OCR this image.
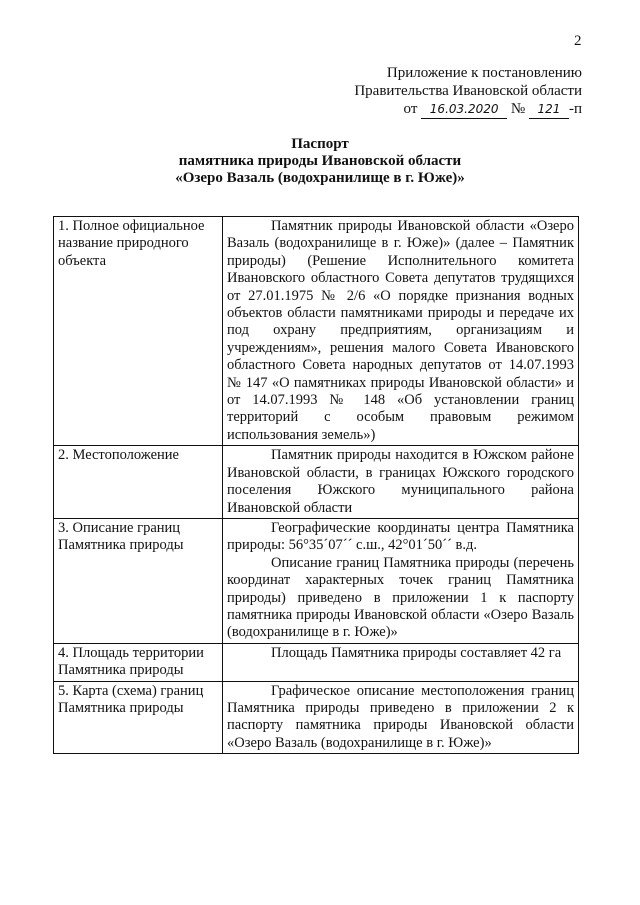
2
Приложение к постановлению
Правительства Ивановской области
от 16.03.2020 № 121 -п
Паспорт
памятника природы Ивановской области
«Озеро Вазаль (водохранилище в г. Юже)»
1. Полное официальное название природного объекта	Памятник природы Ивановской области «Озеро Вазаль (водохранилище в г. Юже)» (далее – Памятник природы) (Решение Исполнительного комитета Ивановского областного Совета депутатов трудящихся от 27.01.1975 № 2/6 «О порядке признания водных объектов области памятниками природы и передаче их под охрану предприятиям, организациям и учреждениям», решения малого Совета Ивановского областного Совета народных депутатов от 14.07.1993 № 147 «О памятниках природы Ивановской области» и от 14.07.1993 № 148 «Об установлении границ территорий с особым правовым режимом использования земель»)

2. Местоположение	Памятник природы находится в Южском районе Ивановской области, в границах Южского городского поселения Южского муниципального района Ивановской области

3. Описание границ Памятника природы	Географические координаты центра Памятника природы: 56°35´07´´ с.ш., 42°01´50´´ в.д.

Описание границ Памятника природы (перечень координат характерных точек границ Памятника природы) приведено в приложении 1 к паспорту памятника природы Ивановской области «Озеро Вазаль (водохранилище в г. Юже)»

4. Площадь территории Памятника природы	Площадь Памятника природы составляет 42 га

5. Карта (схема) границ Памятника природы	Графическое описание местоположения границ Памятника природы приведено в приложении 2 к паспорту памятника природы Ивановской области «Озеро Вазаль (водохранилище в г. Юже)»
